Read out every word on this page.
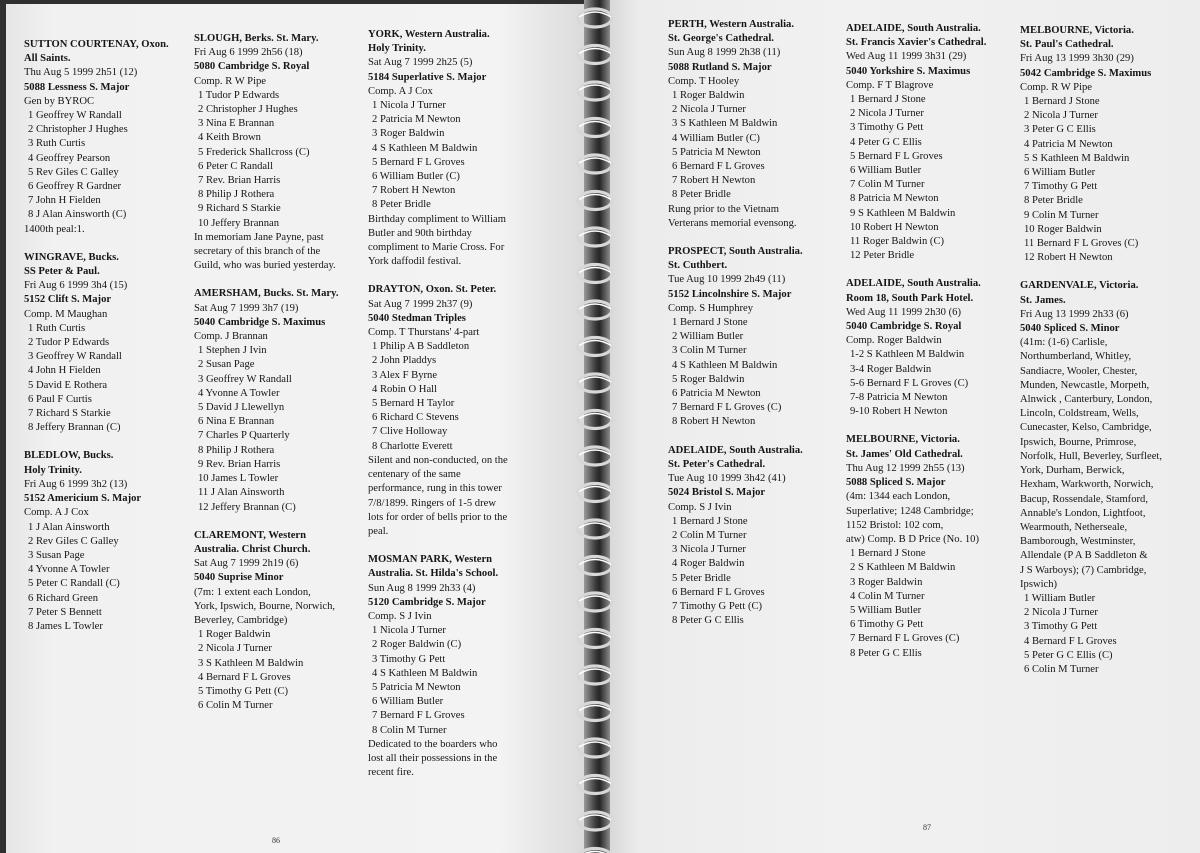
SUTTON COURTENAY, Oxon.
All Saints.
Thu Aug 5 1999 2h51 (12)
5088 Lessness S. Major
Gen by BYROC
1 Geoffrey W Randall
2 Christopher J Hughes
3 Ruth Curtis
4 Geoffrey Pearson
5 Rev Giles C Galley
6 Geoffrey R Gardner
7 John H Fielden
8 J Alan Ainsworth (C)
1400th peal:1.
WINGRAVE, Bucks.
SS Peter & Paul.
Fri Aug 6 1999 3h4 (15)
5152 Clift S. Major
Comp. M Maughan
1 Ruth Curtis
2 Tudor P Edwards
3 Geoffrey W Randall
4 John H Fielden
5 David E Rothera
6 Paul F Curtis
7 Richard S Starkie
8 Jeffery Brannan (C)
BLEDLOW, Bucks.
Holy Trinity.
Fri Aug 6 1999 3h2 (13)
5152 Americium S. Major
Comp. A J Cox
1 J Alan Ainsworth
2 Rev Giles C Galley
3 Susan Page
4 Yvonne A Towler
5 Peter C Randall (C)
6 Richard Green
7 Peter S Bennett
8 James L Towler
SLOUGH, Berks. St. Mary.
Fri Aug 6 1999 2h56 (18)
5080 Cambridge S. Royal
Comp. R W Pipe
1 Tudor P Edwards
2 Christopher J Hughes
3 Nina E Brannan
4 Keith Brown
5 Frederick Shallcross (C)
6 Peter C Randall
7 Rev. Brian Harris
8 Philip J Rothera
9 Richard S Starkie
10 Jeffery Brannan
In memoriam Jane Payne, past
secretary of this branch of the
Guild, who was buried yesterday.
AMERSHAM, Bucks. St. Mary.
Sat Aug 7 1999 3h7 (19)
5040 Cambridge S. Maximus
Comp. J Brannan
1 Stephen J Ivin
2 Susan Page
3 Geoffrey W Randall
4 Yvonne A Towler
5 David J Llewellyn
6 Nina E Brannan
7 Charles P Quarterly
8 Philip J Rothera
9 Rev. Brian Harris
10 James L Towler
11 J Alan Ainsworth
12 Jeffery Brannan (C)
CLAREMONT, Western
Australia. Christ Church.
Sat Aug 7 1999 2h19 (6)
5040 Suprise Minor
(7m: 1 extent each London,
York, Ipswich, Bourne, Norwich,
Beverley, Cambridge)
1 Roger Baldwin
2 Nicola J Turner
3 S Kathleen M Baldwin
4 Bernard F L Groves
5 Timothy G Pett (C)
6 Colin M Turner
YORK, Western Australia.
Holy Trinity.
Sat Aug 7 1999 2h25 (5)
5184 Superlative S. Major
Comp. A J Cox
1 Nicola J Turner
2 Patricia M Newton
3 Roger Baldwin
4 S Kathleen M Baldwin
5 Bernard F L Groves
6 William Butler (C)
7 Robert H Newton
8 Peter Bridle
Birthday compliment to William
Butler and 90th birthday
compliment to Marie Cross. For
York daffodil festival.
DRAYTON, Oxon. St. Peter.
Sat Aug 7 1999 2h37 (9)
5040 Stedman Triples
Comp. T Thurstans' 4-part
1 Philip A B Saddleton
2 John Pladdys
3 Alex F Byrne
4 Robin O Hall
5 Bernard H Taylor
6 Richard C Stevens
7 Clive Holloway
8 Charlotte Everett
Silent and non-conducted, on the
centenary of the same
performance, rung in this tower
7/8/1899. Ringers of 1-5 drew
lots for order of bells prior to the
peal.
MOSMAN PARK, Western
Australia. St. Hilda's School.
Sun Aug 8 1999 2h33 (4)
5120 Cambridge S. Major
Comp. S J Ivin
1 Nicola J Turner
2 Roger Baldwin (C)
3 Timothy G Pett
4 S Kathleen M Baldwin
5 Patricia M Newton
6 William Butler
7 Bernard F L Groves
8 Colin M Turner
Dedicated to the boarders who
lost all their possessions in the
recent fire.
86
PERTH, Western Australia.
St. George's Cathedral.
Sun Aug 8 1999 2h38 (11)
5088 Rutland S. Major
Comp. T Hooley
1 Roger Baldwin
2 Nicola J Turner
3 S Kathleen M Baldwin
4 William Butler (C)
5 Patricia M Newton
6 Bernard F L Groves
7 Robert H Newton
8 Peter Bridle
Rung prior to the Vietnam
Verterans memorial evensong.
PROSPECT, South Australia.
St. Cuthbert.
Tue Aug 10 1999 2h49 (11)
5152 Lincolnshire S. Major
Comp. S Humphrey
1 Bernard J Stone
2 William Butler
3 Colin M Turner
4 S Kathleen M Baldwin
5 Roger Baldwin
6 Patricia M Newton
7 Bernard F L Groves (C)
8 Robert H Newton
ADELAIDE, South Australia.
St. Peter's Cathedral.
Tue Aug 10 1999 3h42 (41)
5024 Bristol S. Major
Comp. S J Ivin
1 Bernard J Stone
2 Colin M Turner
3 Nicola J Turner
4 Roger Baldwin
5 Peter Bridle
6 Bernard F L Groves
7 Timothy G Pett (C)
8 Peter G C Ellis
ADELAIDE, South Australia.
St. Francis Xavier's Cathedral.
Wed Aug 11 1999 3h31 (29)
5040 Yorkshire S. Maximus
Comp. F T Blagrove
1 Bernard J Stone
2 Nicola J Turner
3 Timothy G Pett
4 Peter G C Ellis
5 Bernard F L Groves
6 William Butler
7 Colin M Turner
8 Patricia M Newton
9 S Kathleen M Baldwin
10 Robert H Newton
11 Roger Baldwin (C)
12 Peter Bridle
ADELAIDE, South Australia.
Room 18, South Park Hotel.
Wed Aug 11 1999 2h30 (6)
5040 Cambridge S. Royal
Comp. Roger Baldwin
1-2 S Kathleen M Baldwin
3-4 Roger Baldwin
5-6 Bernard F L Groves (C)
7-8 Patricia M Newton
9-10 Robert H Newton
MELBOURNE, Victoria.
St. James' Old Cathedral.
Thu Aug 12 1999 2h55 (13)
5088 Spliced S. Major
(4m: 1344 each London,
Superlative; 1248 Cambridge;
1152 Bristol: 102 com,
atw) Comp. B D Price (No. 10)
1 Bernard J Stone
2 S Kathleen M Baldwin
3 Roger Baldwin
4 Colin M Turner
5 William Butler
6 Timothy G Pett
7 Bernard F L Groves (C)
8 Peter G C Ellis
MELBOURNE, Victoria.
St. Paul's Cathedral.
Fri Aug 13 1999 3h30 (29)
5042 Cambridge S. Maximus
Comp. R W Pipe
1 Bernard J Stone
2 Nicola J Turner
3 Peter G C Ellis
4 Patricia M Newton
5 S Kathleen M Baldwin
6 William Butler
7 Timothy G Pett
8 Peter Bridle
9 Colin M Turner
10 Roger Baldwin
11 Bernard F L Groves (C)
12 Robert H Newton
GARDENVALE, Victoria.
St. James.
Fri Aug 13 1999 2h33 (6)
5040 Spliced S. Minor
(41m: (1-6) Carlisle,
Northumberland, Whitley,
Sandiacre, Wooler, Chester,
Munden, Newcastle, Morpeth,
Alnwick , Canterbury, London,
Lincoln, Coldstream, Wells,
Cunecaster, Kelso, Cambridge,
Ipswich, Bourne, Primrose,
Norfolk, Hull, Beverley, Surfleet,
York, Durham, Berwick,
Hexham, Warkworth, Norwich,
Bacup, Rossendale, Stamford,
Annable's London, Lightfoot,
Wearmouth, Netherseale,
Bamborough, Westminster,
Allendale (P A B Saddleton &
J S Warboys); (7) Cambridge,
Ipswich)
1 William Butler
2 Nicola J Turner
3 Timothy G Pett
4 Bernard F L Groves
5 Peter G C Ellis (C)
6 Colin M Turner
87
